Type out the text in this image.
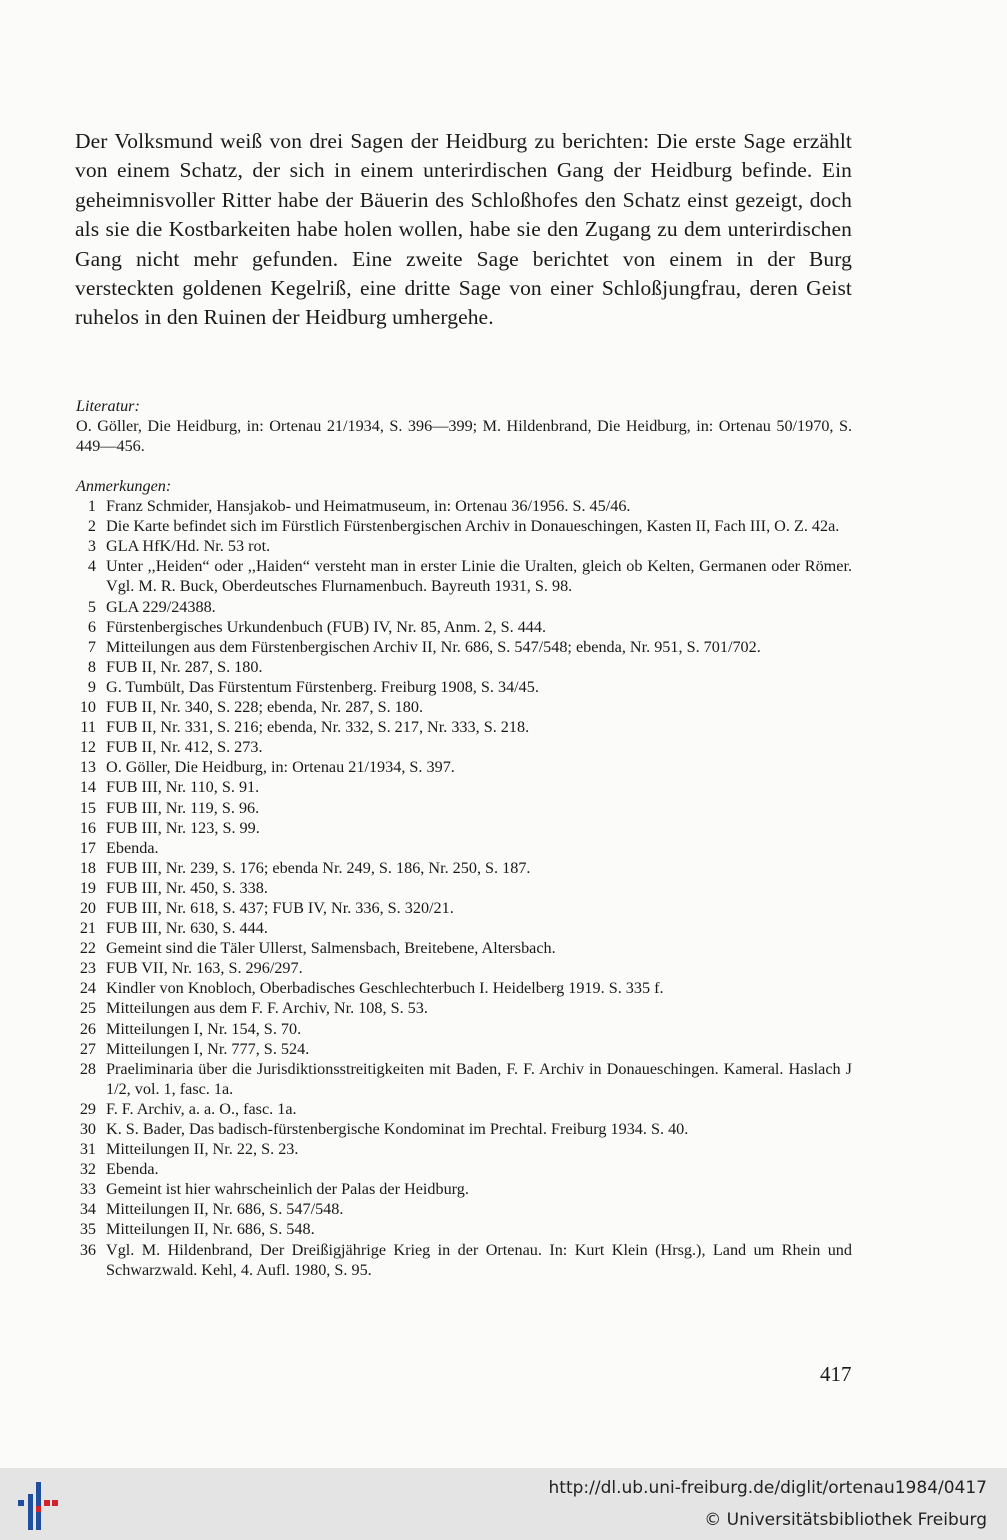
Der Volksmund weiß von drei Sagen der Heidburg zu berichten: Die erste Sage erzählt von einem Schatz, der sich in einem unterirdischen Gang der Heidburg befinde. Ein geheimnisvoller Ritter habe der Bäuerin des Schloßhofes den Schatz einst gezeigt, doch als sie die Kostbarkeiten habe holen wollen, habe sie den Zugang zu dem unterirdischen Gang nicht mehr gefunden. Eine zweite Sage berichtet von einem in der Burg versteckten goldenen Kegelriß, eine dritte Sage von einer Schloßjungfrau, deren Geist ruhelos in den Ruinen der Heidburg umhergehe.

Literatur:

O. Göller, Die Heidburg, in: Ortenau 21/1934, S. 396—399; M. Hildenbrand, Die Heidburg, in: Ortenau 50/1970, S. 449—456.

Anmerkungen:

1 Franz Schmider, Hansjakob- und Heimatmuseum, in: Ortenau 36/1956. S. 45/46.
2 Die Karte befindet sich im Fürstlich Fürstenbergischen Archiv in Donaueschingen, Kasten II, Fach III, O. Z. 42a.
3 GLA HfK/Hd. Nr. 53 rot.
4 Unter ,,Heiden“ oder ,,Haiden“ versteht man in erster Linie die Uralten, gleich ob Kelten, Germanen oder Römer. Vgl. M. R. Buck, Oberdeutsches Flurnamenbuch. Bayreuth 1931, S. 98.
5 GLA 229/24388.
6 Fürstenbergisches Urkundenbuch (FUB) IV, Nr. 85, Anm. 2, S. 444.
7 Mitteilungen aus dem Fürstenbergischen Archiv II, Nr. 686, S. 547/548; ebenda, Nr. 951, S. 701/702.
8 FUB II, Nr. 287, S. 180.
9 G. Tumbült, Das Fürstentum Fürstenberg. Freiburg 1908, S. 34/45.
10 FUB II, Nr. 340, S. 228; ebenda, Nr. 287, S. 180.
11 FUB II, Nr. 331, S. 216; ebenda, Nr. 332, S. 217, Nr. 333, S. 218.
12 FUB II, Nr. 412, S. 273.
13 O. Göller, Die Heidburg, in: Ortenau 21/1934, S. 397.
14 FUB III, Nr. 110, S. 91.
15 FUB III, Nr. 119, S. 96.
16 FUB III, Nr. 123, S. 99.
17 Ebenda.
18 FUB III, Nr. 239, S. 176; ebenda Nr. 249, S. 186, Nr. 250, S. 187.
19 FUB III, Nr. 450, S. 338.
20 FUB III, Nr. 618, S. 437; FUB IV, Nr. 336, S. 320/21.
21 FUB III, Nr. 630, S. 444.
22 Gemeint sind die Täler Ullerst, Salmensbach, Breitebene, Altersbach.
23 FUB VII, Nr. 163, S. 296/297.
24 Kindler von Knobloch, Oberbadisches Geschlechterbuch I. Heidelberg 1919. S. 335 f.
25 Mitteilungen aus dem F. F. Archiv, Nr. 108, S. 53.
26 Mitteilungen I, Nr. 154, S. 70.
27 Mitteilungen I, Nr. 777, S. 524.
28 Praeliminaria über die Jurisdiktionsstreitigkeiten mit Baden, F. F. Archiv in Donaueschingen. Kameral. Haslach J 1/2, vol. 1, fasc. 1a.
29 F. F. Archiv, a. a. O., fasc. 1a.
30 K. S. Bader, Das badisch-fürstenbergische Kondominat im Prechtal. Freiburg 1934. S. 40.
31 Mitteilungen II, Nr. 22, S. 23.
32 Ebenda.
33 Gemeint ist hier wahrscheinlich der Palas der Heidburg.
34 Mitteilungen II, Nr. 686, S. 547/548.
35 Mitteilungen II, Nr. 686, S. 548.
36 Vgl. M. Hildenbrand, Der Dreißigjährige Krieg in der Ortenau. In: Kurt Klein (Hrsg.), Land um Rhein und Schwarzwald. Kehl, 4. Aufl. 1980, S. 95.
417
http://dl.ub.uni-freiburg.de/diglit/ortenau1984/0417
© Universitätsbibliothek Freiburg
